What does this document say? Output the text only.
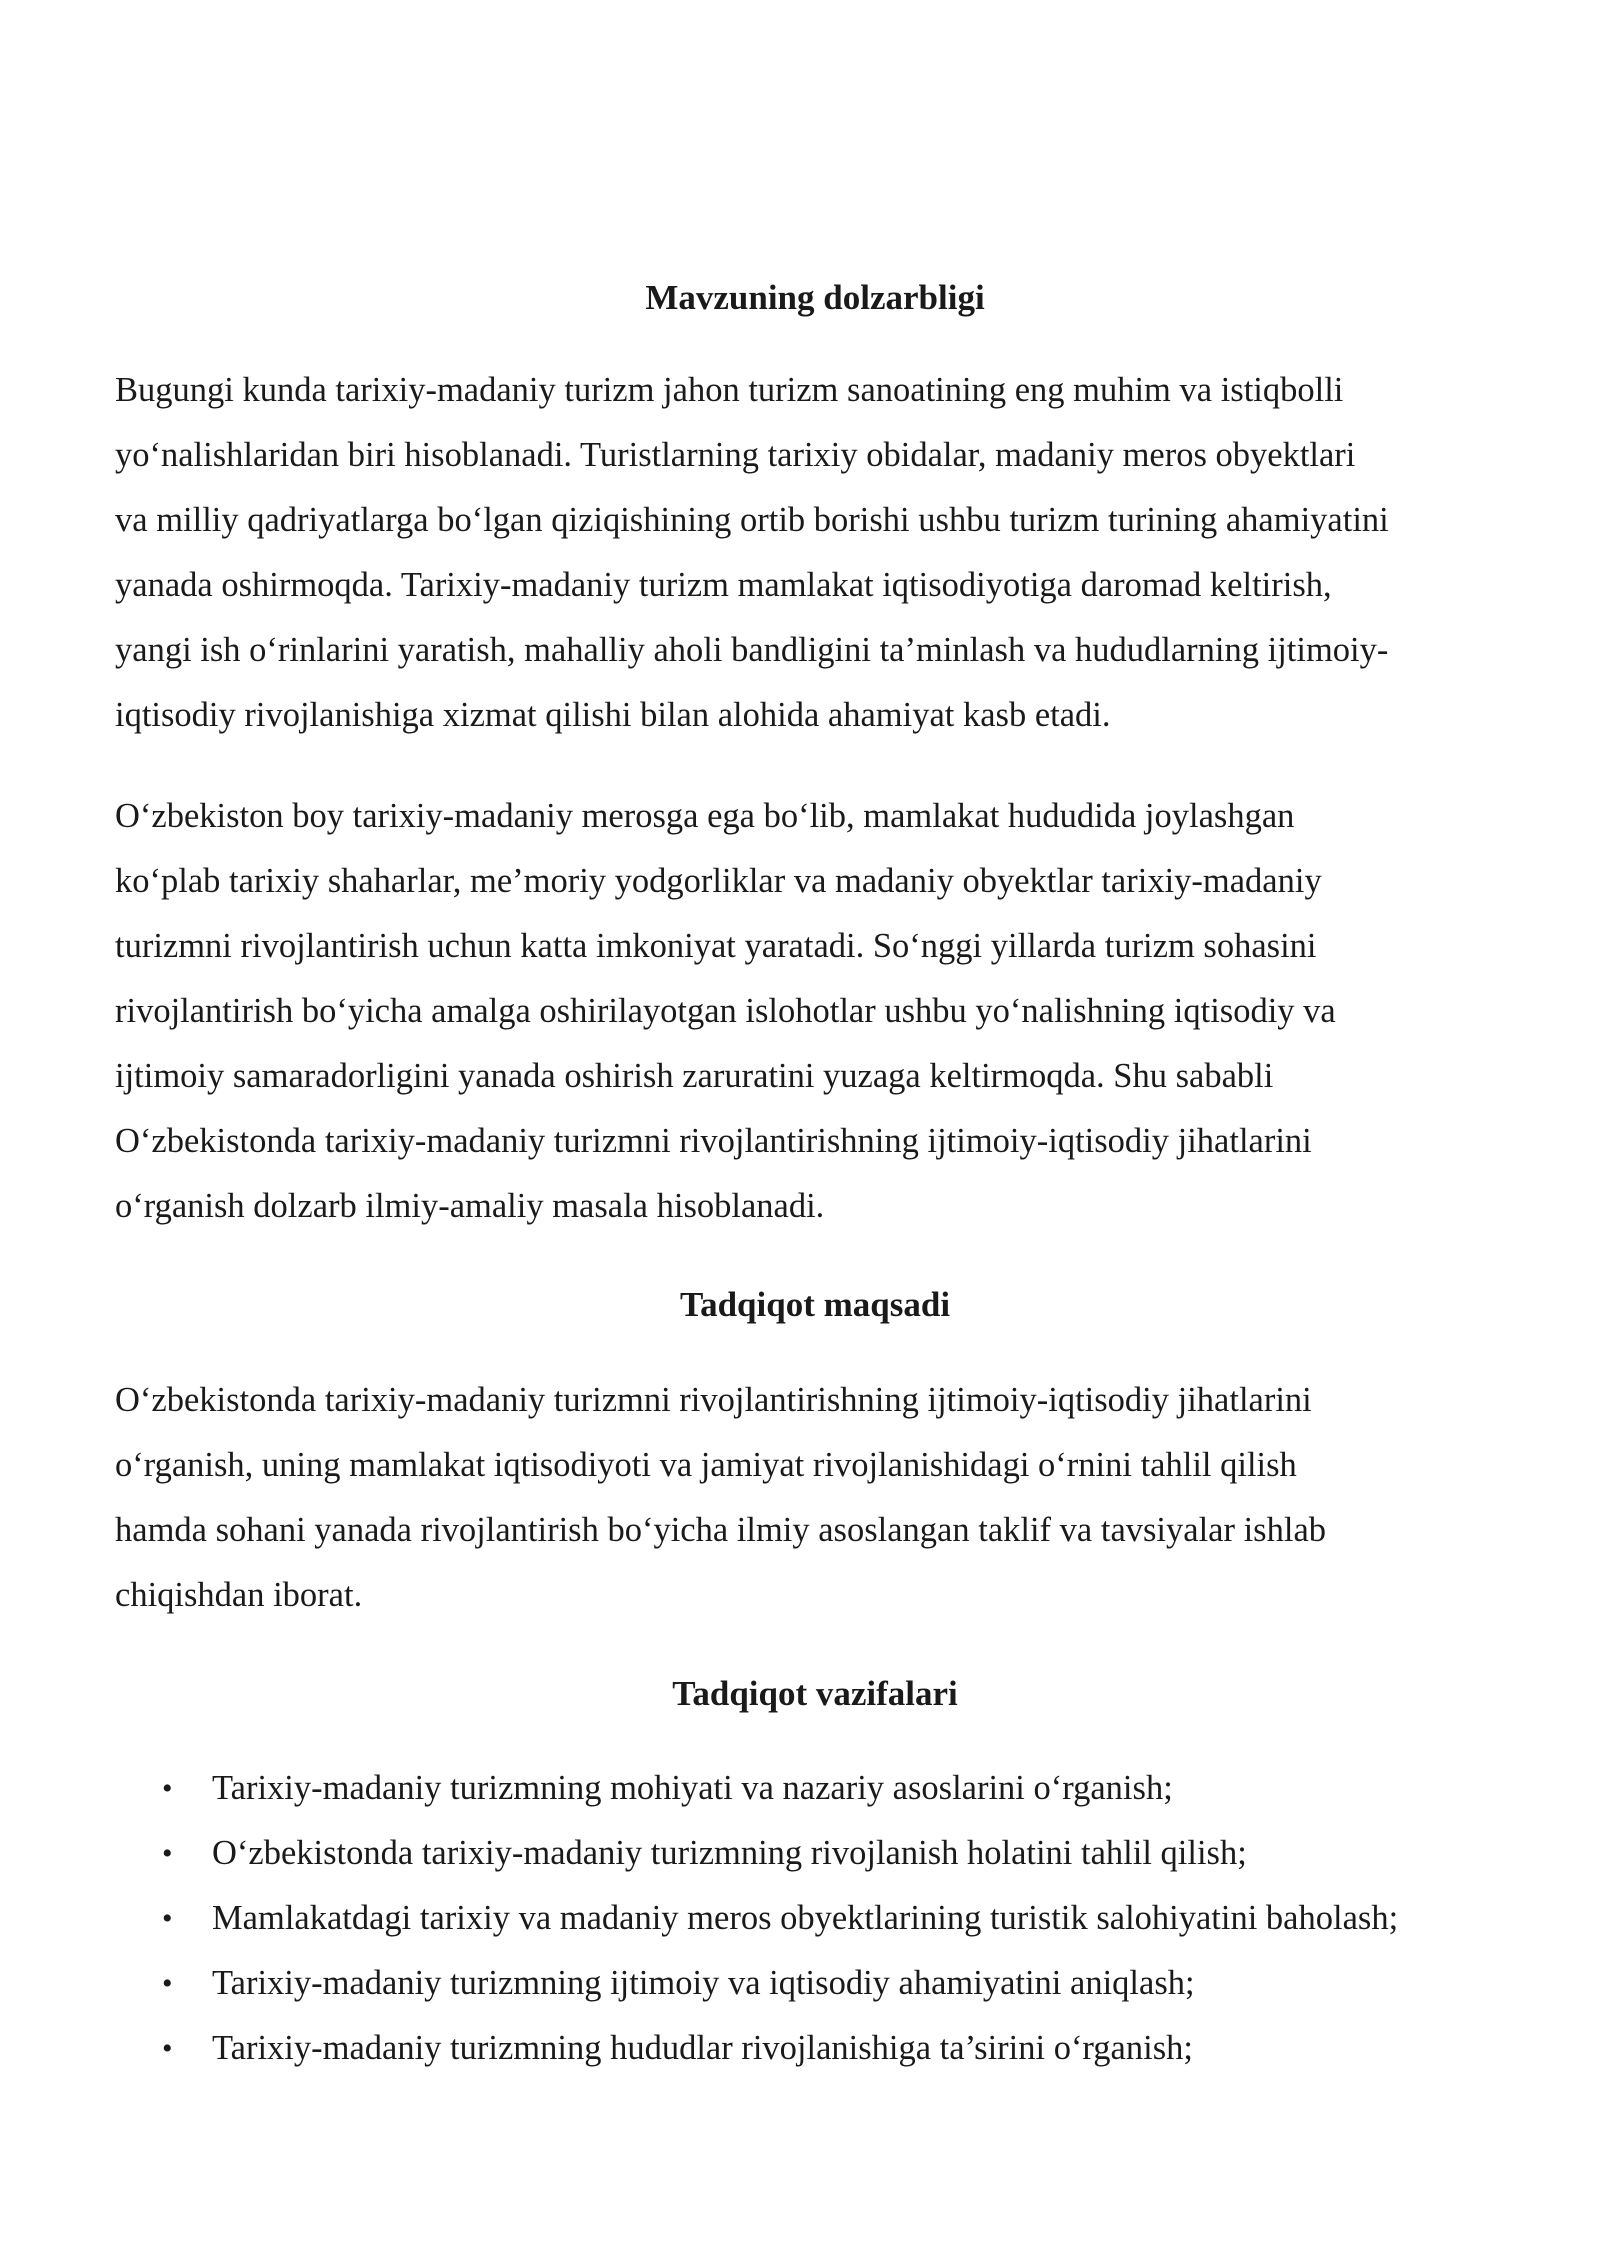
Mavzuning dolzarbligi

Bugungi kunda tarixiy-madaniy turizm jahon turizm sanoatining eng muhim va istiqbolli
yo‘nalishlaridan biri hisoblanadi. Turistlarning tarixiy obidalar, madaniy meros obyektlari
va milliy qadriyatlarga bo‘lgan qiziqishining ortib borishi ushbu turizm turining ahamiyatini
yanada oshirmoqda. Tarixiy-madaniy turizm mamlakat iqtisodiyotiga daromad keltirish,
yangi ish o‘rinlarini yaratish, mahalliy aholi bandligini ta’minlash va hududlarning ijtimoiy-
iqtisodiy rivojlanishiga xizmat qilishi bilan alohida ahamiyat kasb etadi.

O‘zbekiston boy tarixiy-madaniy merosga ega bo‘lib, mamlakat hududida joylashgan
ko‘plab tarixiy shaharlar, me’moriy yodgorliklar va madaniy obyektlar tarixiy-madaniy
turizmni rivojlantirish uchun katta imkoniyat yaratadi. So‘nggi yillarda turizm sohasini
rivojlantirish bo‘yicha amalga oshirilayotgan islohotlar ushbu yo‘nalishning iqtisodiy va
ijtimoiy samaradorligini yanada oshirish zaruratini yuzaga keltirmoqda. Shu sababli
O‘zbekistonda tarixiy-madaniy turizmni rivojlantirishning ijtimoiy-iqtisodiy jihatlarini
o‘rganish dolzarb ilmiy-amaliy masala hisoblanadi.

Tadqiqot maqsadi

O‘zbekistonda tarixiy-madaniy turizmni rivojlantirishning ijtimoiy-iqtisodiy jihatlarini
o‘rganish, uning mamlakat iqtisodiyoti va jamiyat rivojlanishidagi o‘rnini tahlil qilish
hamda sohani yanada rivojlantirish bo‘yicha ilmiy asoslangan taklif va tavsiyalar ishlab
chiqishdan iborat.

Tadqiqot vazifalari
• Tarixiy-madaniy turizmning mohiyati va nazariy asoslarini o‘rganish;
• O‘zbekistonda tarixiy-madaniy turizmning rivojlanish holatini tahlil qilish;
• Mamlakatdagi tarixiy va madaniy meros obyektlarining turistik salohiyatini baholash;
• Tarixiy-madaniy turizmning ijtimoiy va iqtisodiy ahamiyatini aniqlash;
• Tarixiy-madaniy turizmning hududlar rivojlanishiga ta’sirini o‘rganish;
